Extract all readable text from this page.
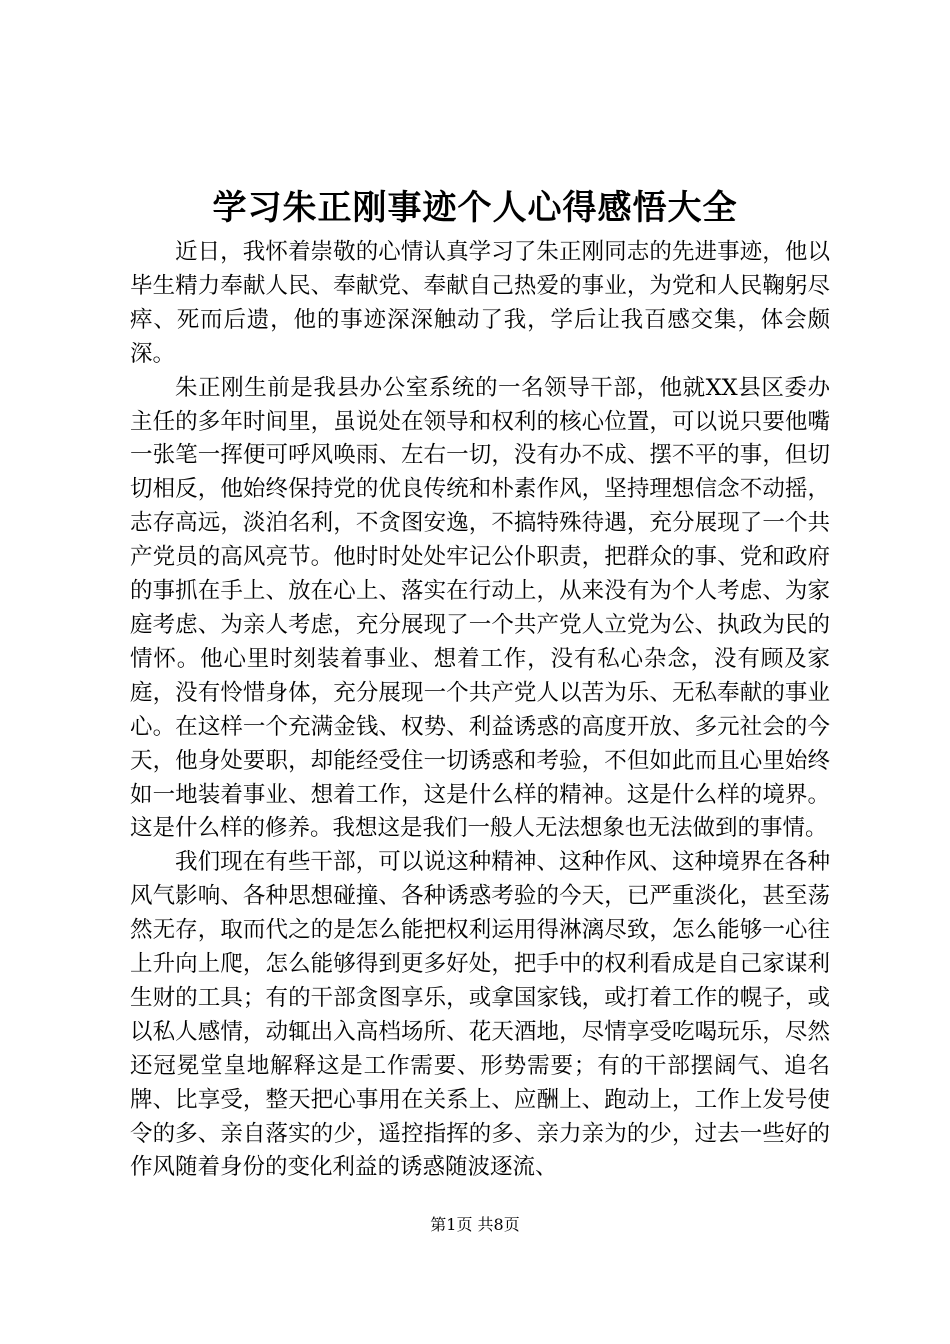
学习朱正刚事迹个人心得感悟大全

近日，我怀着崇敬的心情认真学习了朱正刚同志的先进事迹，他以毕生精力奉献人民、奉献党、奉献自己热爱的事业，为党和人民鞠躬尽瘁、死而后遗，他的事迹深深触动了我，学后让我百感交集，体会颇深。

朱正刚生前是我县办公室系统的一名领导干部，他就XX县区委办主任的多年时间里，虽说处在领导和权利的核心位置，可以说只要他嘴一张笔一挥便可呼风唤雨、左右一切，没有办不成、摆不平的事，但切切相反，他始终保持党的优良传统和朴素作风，坚持理想信念不动摇，志存高远，淡泊名利，不贪图安逸，不搞特殊待遇，充分展现了一个共产党员的高风亮节。他时时处处牢记公仆职责，把群众的事、党和政府的事抓在手上、放在心上、落实在行动上，从来没有为个人考虑、为家庭考虑、为亲人考虑，充分展现了一个共产党人立党为公、执政为民的情怀。他心里时刻装着事业、想着工作，没有私心杂念，没有顾及家庭，没有怜惜身体，充分展现一个共产党人以苦为乐、无私奉献的事业心。在这样一个充满金钱、权势、利益诱惑的高度开放、多元社会的今天，他身处要职，却能经受住一切诱惑和考验，不但如此而且心里始终如一地装着事业、想着工作，这是什么样的精神。这是什么样的境界。这是什么样的修养。我想这是我们一般人无法想象也无法做到的事情。

我们现在有些干部，可以说这种精神、这种作风、这种境界在各种风气影响、各种思想碰撞、各种诱惑考验的今天，已严重淡化，甚至荡然无存，取而代之的是怎么能把权利运用得淋漓尽致，怎么能够一心往上升向上爬，怎么能够得到更多好处，把手中的权利看成是自己家谋利生财的工具；有的干部贪图享乐，或拿国家钱，或打着工作的幌子，或以私人感情，动辄出入高档场所、花天酒地，尽情享受吃喝玩乐，尽然还冠冕堂皇地解释这是工作需要、形势需要；有的干部摆阔气、追名牌、比享受，整天把心事用在关系上、应酬上、跑动上，工作上发号使令的多、亲自落实的少，遥控指挥的多、亲力亲为的少，过去一些好的作风随着身份的变化利益的诱惑随波逐流、

第1页 共8页
